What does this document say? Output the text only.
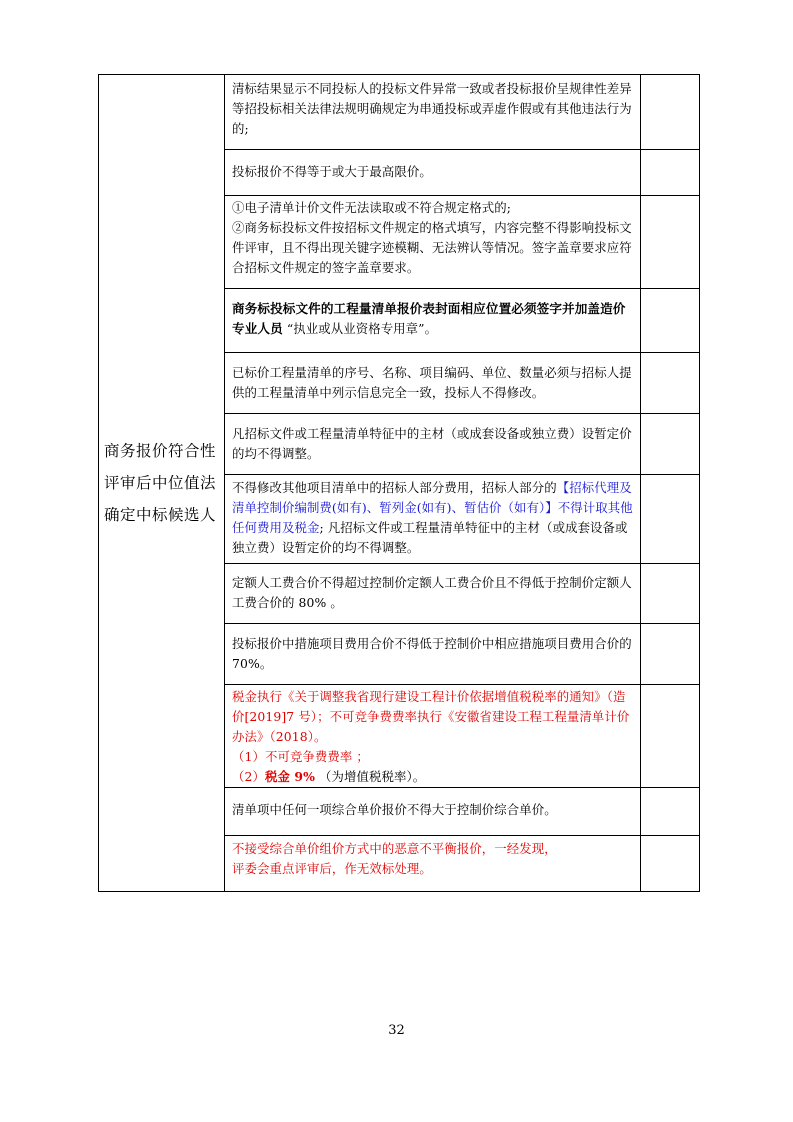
商务报价符合性评审后中位值法确定中标候选人	清标结果显示不同投标人的投标文件异常一致或者投标报价呈规律性差异等招投标相关法律法规明确规定为串通投标或弄虚作假或有其他违法行为的;	

	投标报价不得等于或大于最高限价。	

	①电子清单计价文件无法读取或不符合规定格式的;
②商务标投标文件按招标文件规定的格式填写，内容完整不得影响投标文件评审，且不得出现关键字迹模糊、无法辨认等情况。签字盖章要求应符合招标文件规定的签字盖章要求。	

	商务标投标文件的工程量清单报价表封面相应位置必须签字并加盖造价专业人员 “执业或从业资格专用章”。	

	已标价工程量清单的序号、名称、项目编码、单位、数量必须与招标人提供的工程量清单中列示信息完全一致，投标人不得修改。	

	凡招标文件或工程量清单特征中的主材（或成套设备或独立费）设暂定价的均不得调整。	

	不得修改其他项目清单中的招标人部分费用，招标人部分的【招标代理及清单控制价编制费(如有)、暂列金(如有)、暂估价（如有）】不得计取其他任何费用及税金; 凡招标文件或工程量清单特征中的主材（或成套设备或独立费）设暂定价的均不得调整。	

	定额人工费合价不得超过控制价定额人工费合价且不得低于控制价定额人工费合价的 80% 。	

	投标报价中措施项目费用合价不得低于控制价中相应措施项目费用合价的 70%。	

	税金执行《关于调整我省现行建设工程计价依据增值税税率的通知》（造价[2019]7 号）；不可竞争费费率执行《安徽省建设工程工程量清单计价办法》（2018）。
（1）不可竞争费费率 ；
（2）税金 9% （为增值税税率）。	

	清单项中任何一项综合单价报价不得大于控制价综合单价。	

	不接受综合单价组价方式中的恶意不平衡报价，一经发现，
评委会重点评审后，作无效标处理。	

32
